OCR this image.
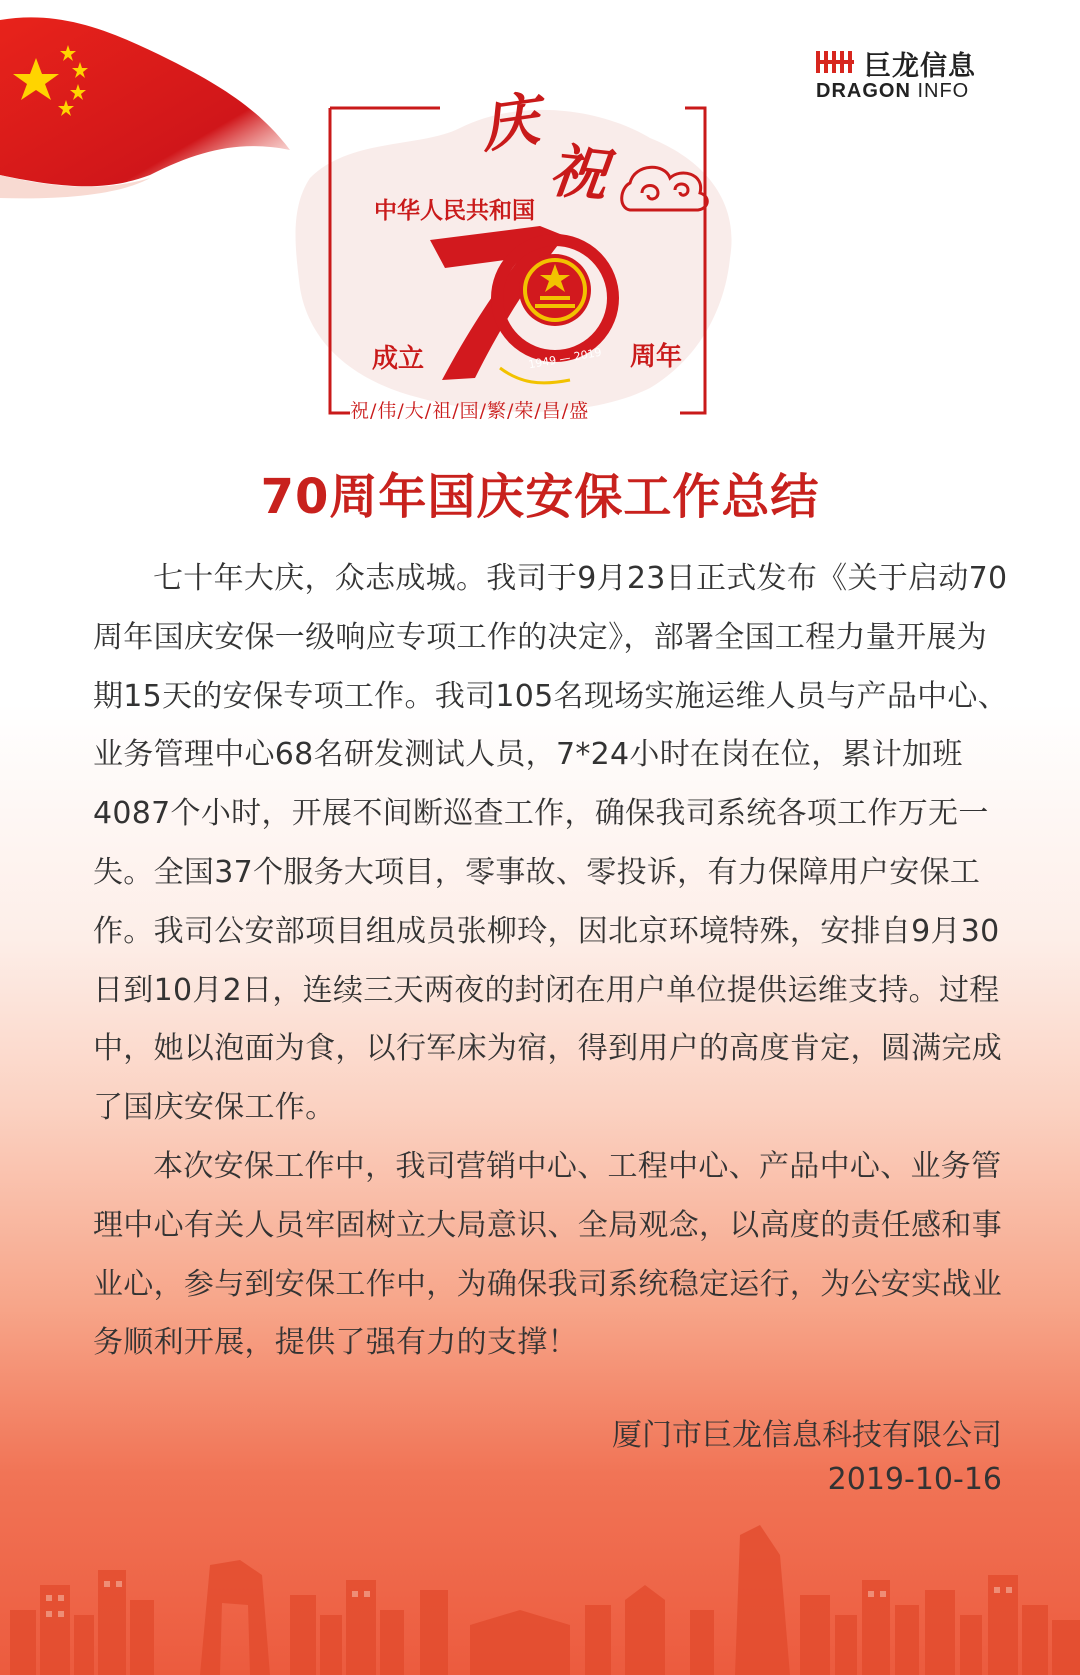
巨龙信息
DRAGON INFO
庆
祝
中华人民共和国
成立	周年
1949 — 2019
祝/伟/大/祖/国/繁/荣/昌/盛
70周年国庆安保工作总结

七十年大庆，众志成城。我司于9月23日正式发布《关于启动70周年国庆安保一级响应专项工作的决定》，部署全国工程力量开展为期15天的安保专项工作。我司105名现场实施运维人员与产品中心、业务管理中心68名研发测试人员，7*24小时在岗在位，累计加班4087个小时，开展不间断巡查工作，确保我司系统各项工作万无一失。全国37个服务大项目，零事故、零投诉，有力保障用户安保工作。我司公安部项目组成员张柳玲，因北京环境特殊，安排自9月30日到10月2日，连续三天两夜的封闭在用户单位提供运维支持。过程中，她以泡面为食，以行军床为宿，得到用户的高度肯定，圆满完成了国庆安保工作。

本次安保工作中，我司营销中心、工程中心、产品中心、业务管理中心有关人员牢固树立大局意识、全局观念，以高度的责任感和事业心，参与到安保工作中，为确保我司系统稳定运行，为公安实战业务顺利开展，提供了强有力的支撑！

厦门市巨龙信息科技有限公司
2019-10-16
